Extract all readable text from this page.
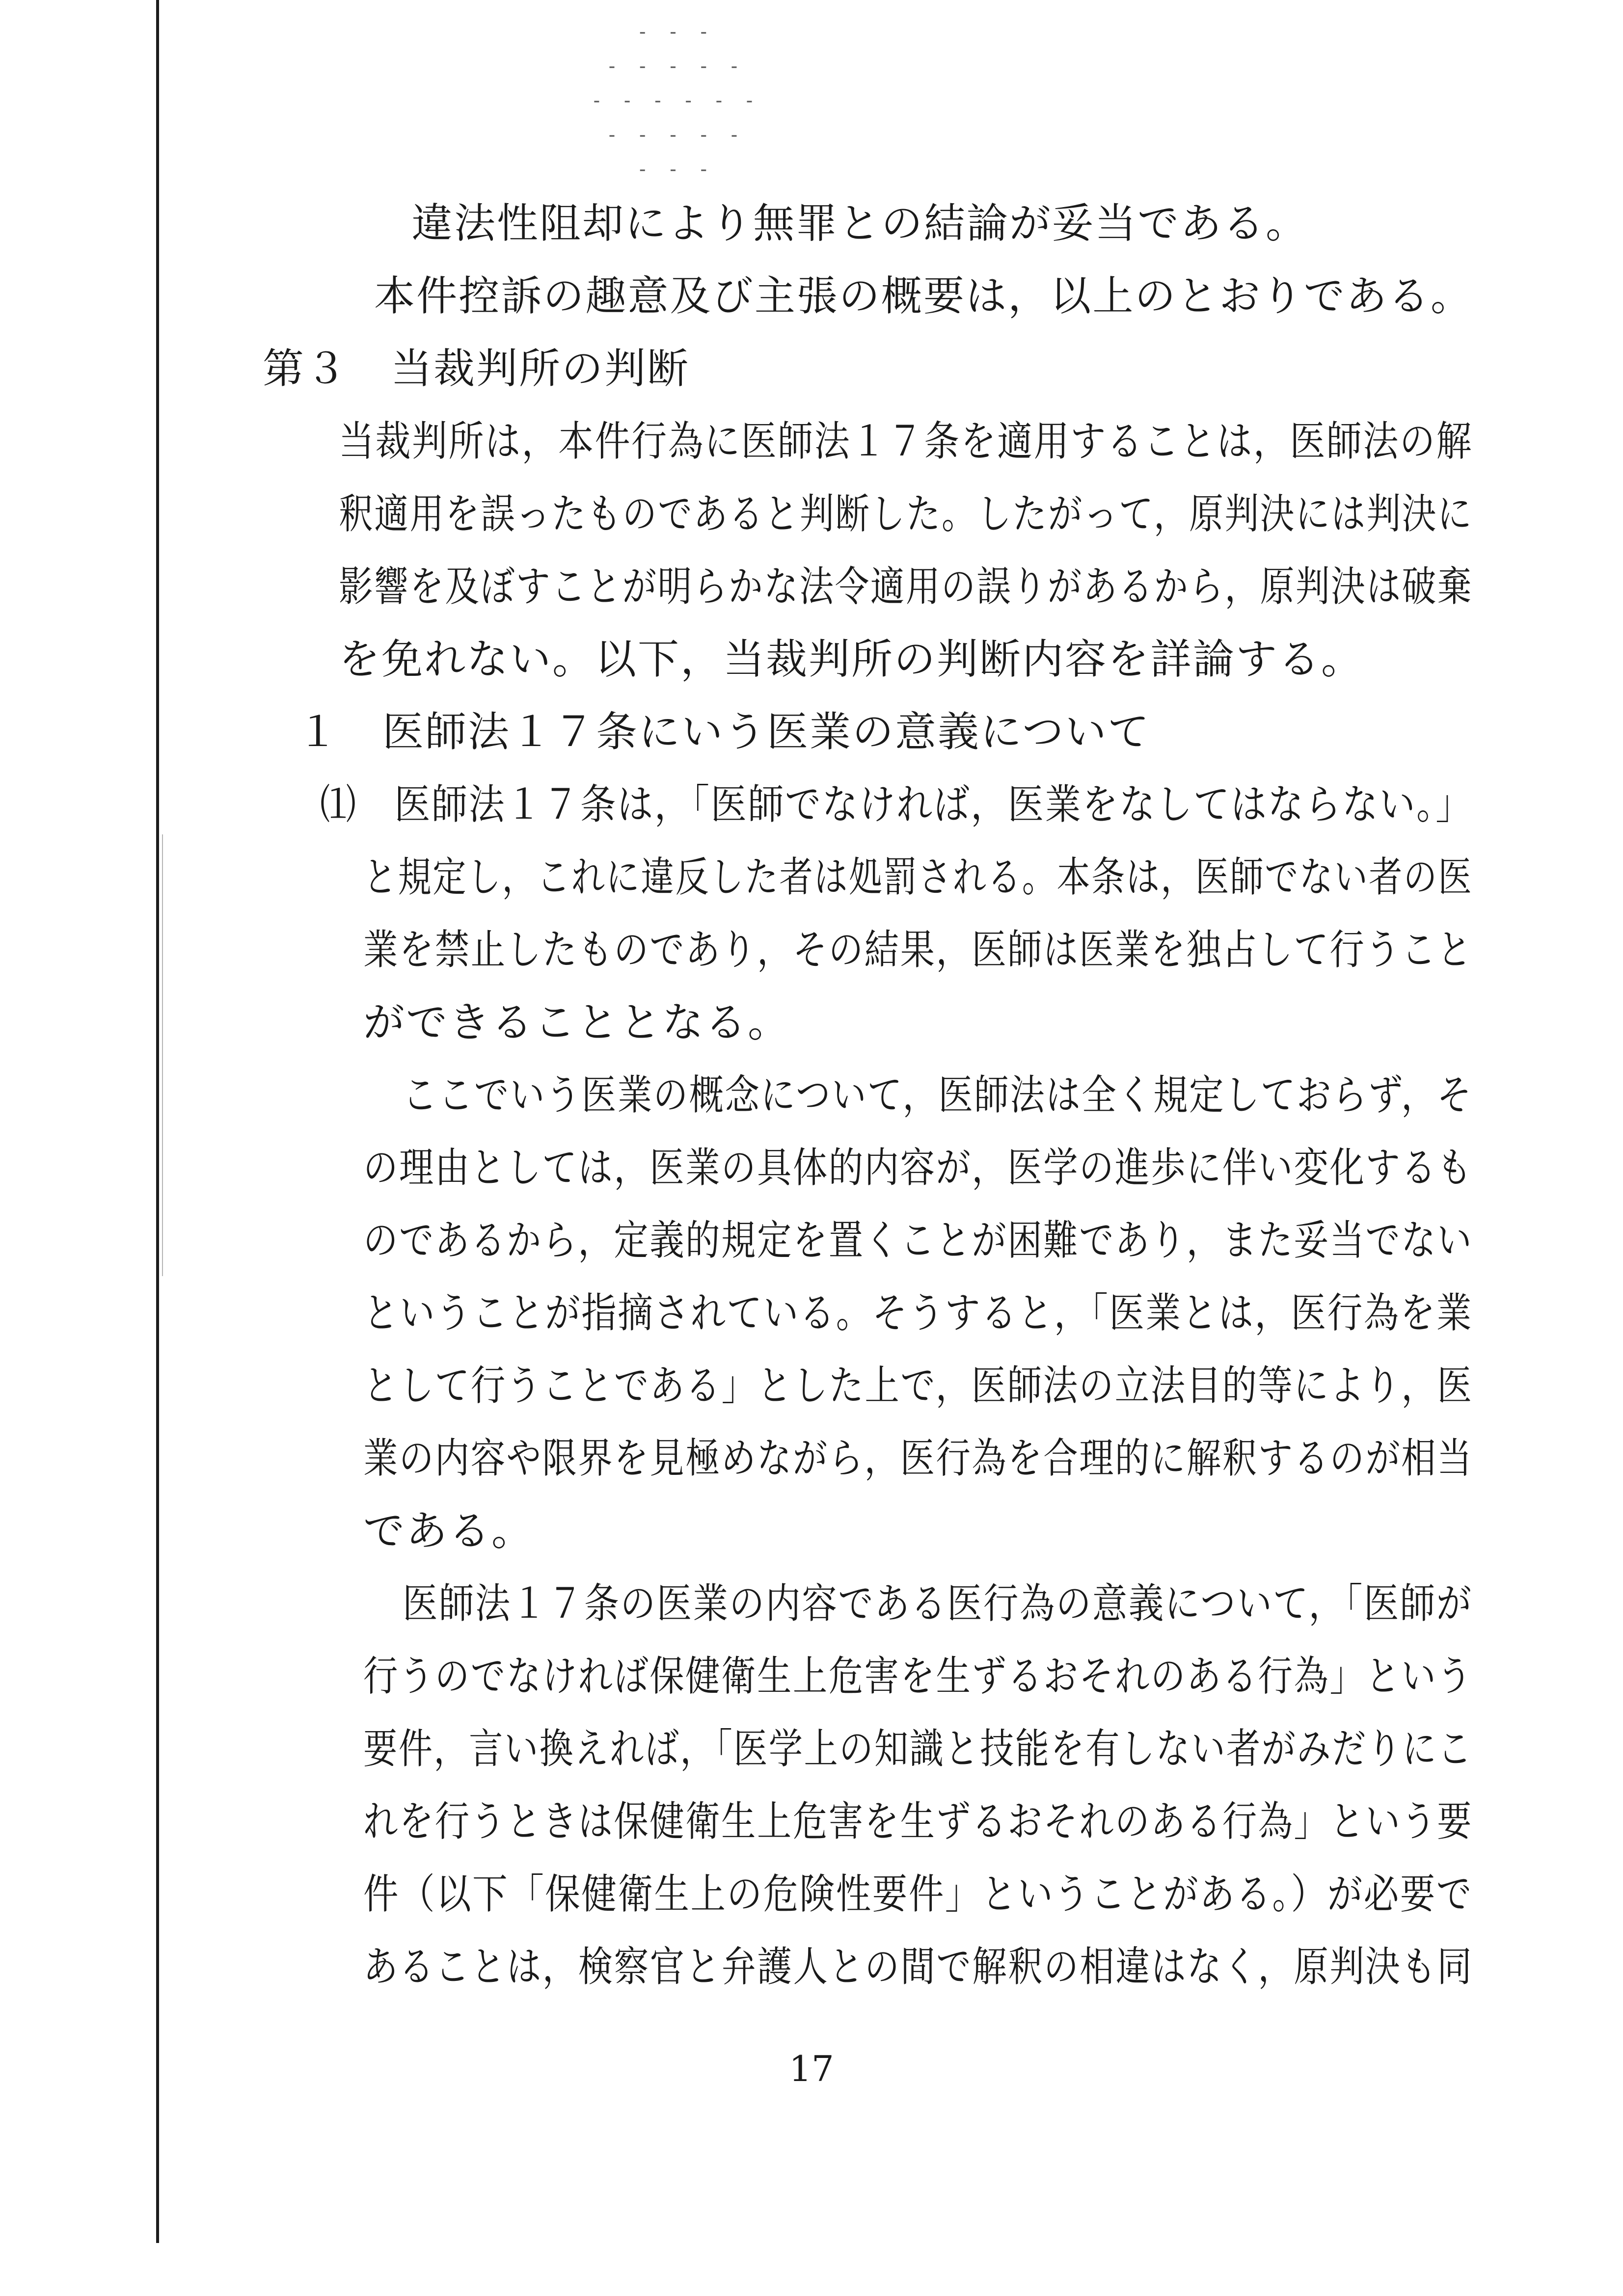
- - -
- - - - -
- - - - - -
- - - - -
- - -
違法性阻却により無罪との結論が妥当である。
本件控訴の趣意及び主張の概要は，以上のとおりである。
第３　当裁判所の判断
当裁判所は，本件行為に医師法１７条を適用することは，医師法の解
釈適用を誤ったものであると判断した。したがって，原判決には判決に
影響を及ぼすことが明らかな法令適用の誤りがあるから，原判決は破棄
を免れない。以下，当裁判所の判断内容を詳論する。
１　医師法１７条にいう医業の意義について
⑴　医師法１７条は，「医師でなければ，医業をなしてはならない。」
と規定し，これに違反した者は処罰される。本条は，医師でない者の医
業を禁止したものであり，その結果，医師は医業を独占して行うこと
ができることとなる。
ここでいう医業の概念について，医師法は全く規定しておらず，そ
の理由としては，医業の具体的内容が，医学の進歩に伴い変化するも
のであるから，定義的規定を置くことが困難であり，また妥当でない
ということが指摘されている。そうすると，「医業とは，医行為を業
として行うことである」とした上で，医師法の立法目的等により，医
業の内容や限界を見極めながら，医行為を合理的に解釈するのが相当
である。
医師法１７条の医業の内容である医行為の意義について，「医師が
行うのでなければ保健衛生上危害を生ずるおそれのある行為」という
要件，言い換えれば，「医学上の知識と技能を有しない者がみだりにこ
れを行うときは保健衛生上危害を生ずるおそれのある行為」という要
件（以下「保健衛生上の危険性要件」ということがある。）が必要で
あることは，検察官と弁護人との間で解釈の相違はなく，原判決も同
17
